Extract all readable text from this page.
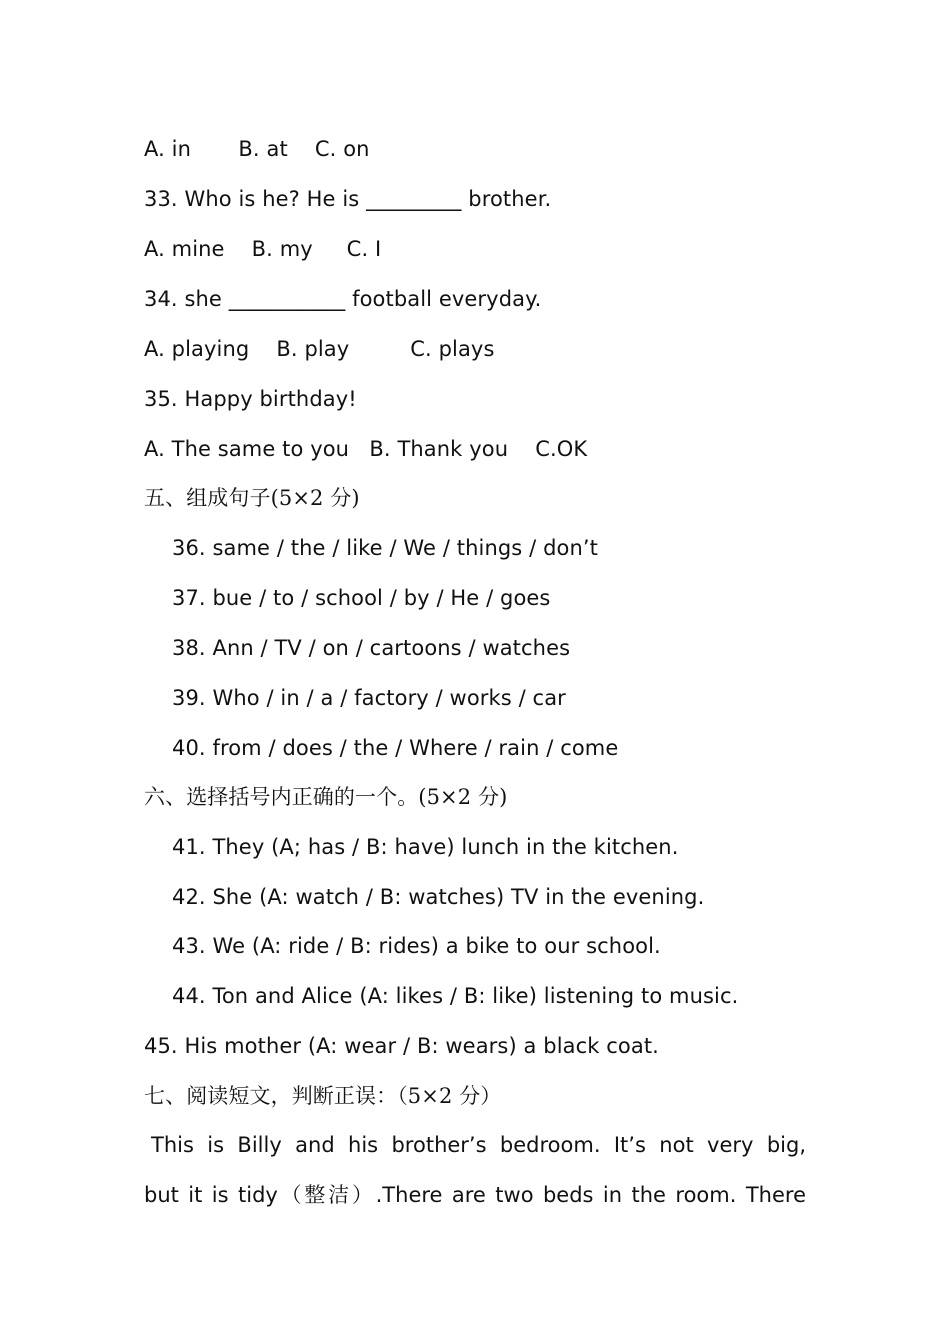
A. in       B. at    C. on
33. Who is he? He is _________ brother.
A. mine    B. my     C. I
34. she ___________ football everyday.
A. playing    B. play         C. plays
35. Happy birthday!
A. The same to you   B. Thank you    C.OK
五、组成句子(5×2 分)
36. same / the / like / We / things / don’t
37. bue / to / school / by / He / goes
38. Ann / TV / on / cartoons / watches
39. Who / in / a / factory / works / car
40. from / does / the / Where / rain / come
六、选择括号内正确的一个。(5×2 分)
41. They (A; has / B: have) lunch in the kitchen.
42. She (A: watch / B: watches) TV in the evening.
43. We (A: ride / B: rides) a bike to our school.
44. Ton and Alice (A: likes / B: like) listening to music.
45. His mother (A: wear / B: wears) a black coat.
七、阅读短文，判断正误：（5×2 分）
This is Billy and his brother’s bedroom. It’s not very big,
but it is tidy（整洁）.There are two beds in the room. There
